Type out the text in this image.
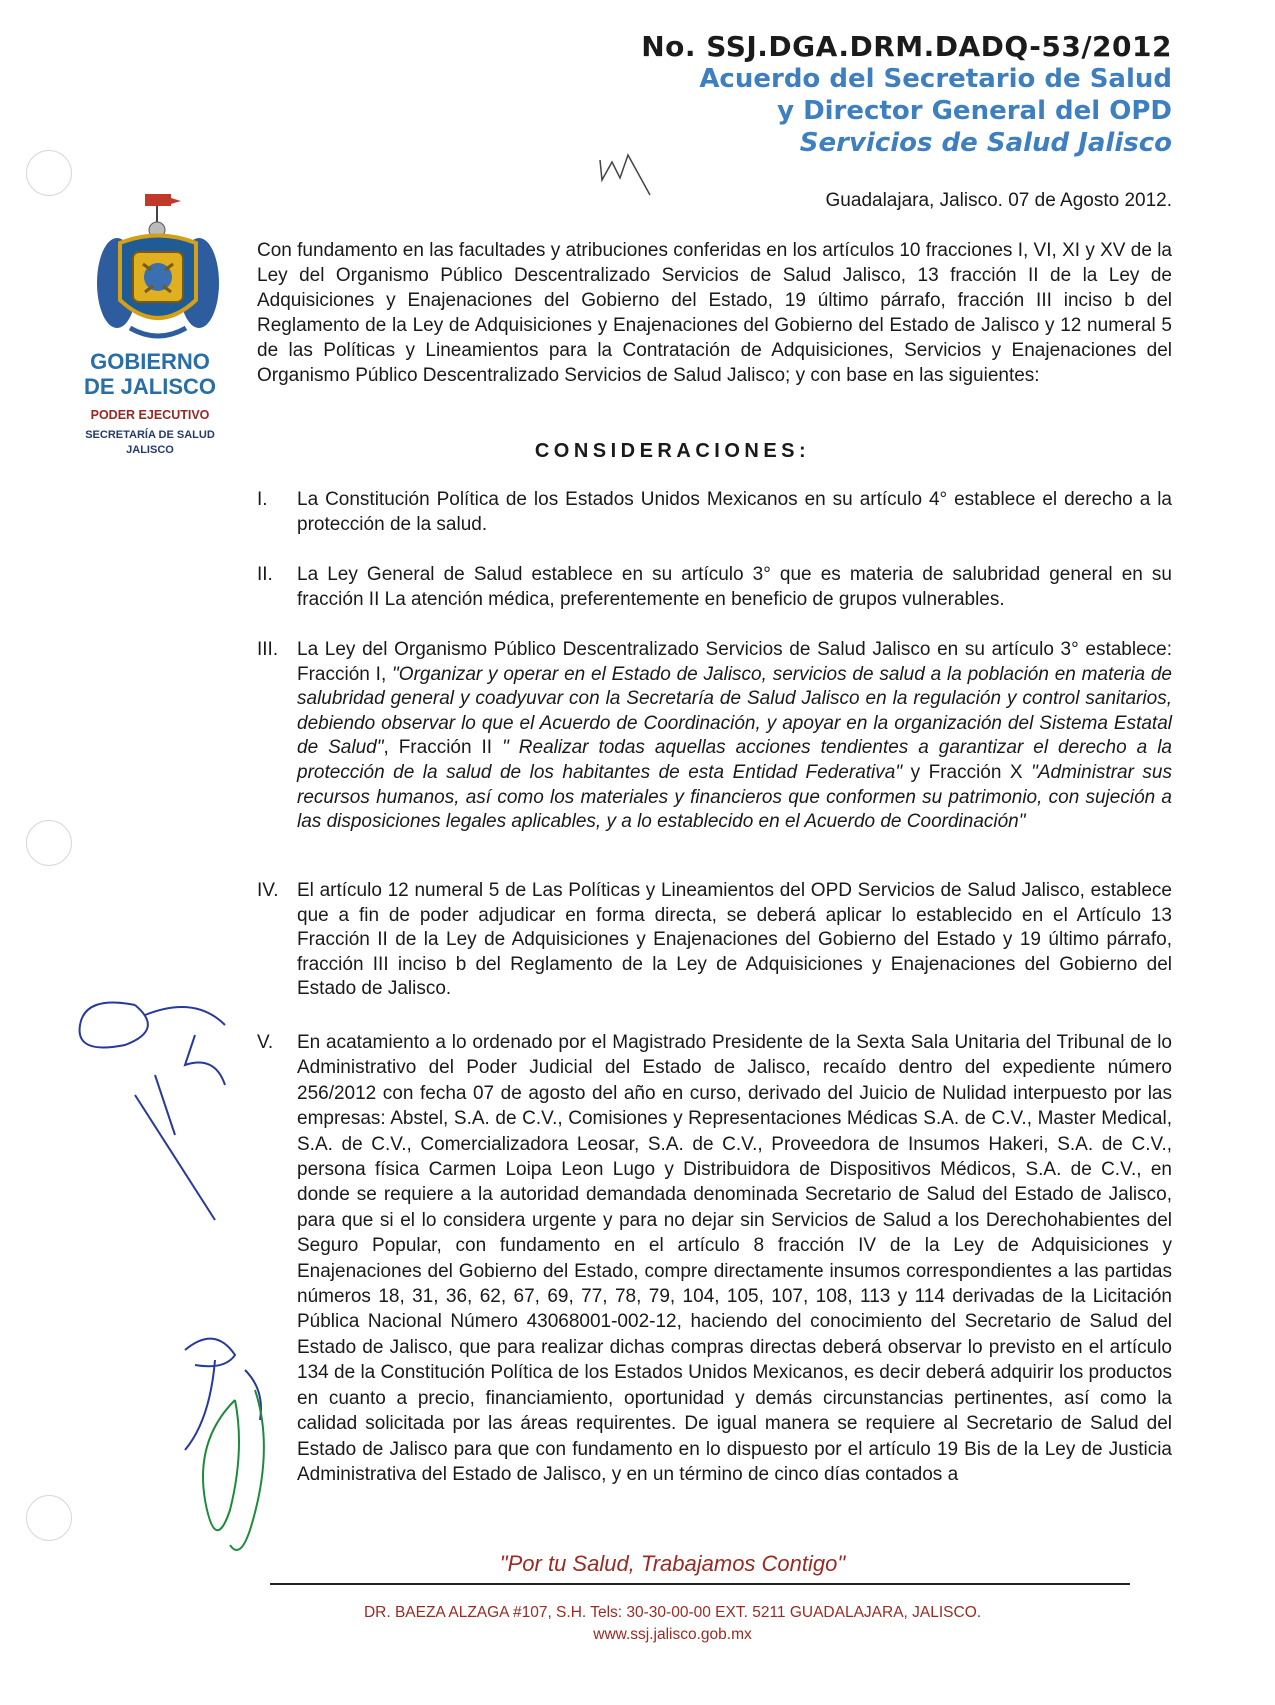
No. SSJ.DGA.DRM.DADQ-53/2012
Acuerdo del Secretario de Salud
y Director General del OPD
Servicios de Salud Jalisco
GOBIERNO
DE JALISCO
PODER EJECUTIVO
SECRETARÍA DE SALUD JALISCO
Guadalajara, Jalisco. 07 de Agosto 2012.
Con fundamento en las facultades y atribuciones conferidas en los artículos 10 fracciones I, VI, XI y XV de la Ley del Organismo Público Descentralizado Servicios de Salud Jalisco, 13 fracción II de la Ley de Adquisiciones y Enajenaciones del Gobierno del Estado, 19 último párrafo, fracción III inciso b del Reglamento de la Ley de Adquisiciones y Enajenaciones del Gobierno del Estado de Jalisco y 12 numeral 5 de las Políticas y Lineamientos para la Contratación de Adquisiciones, Servicios y Enajenaciones del Organismo Público Descentralizado Servicios de Salud Jalisco; y con base en las siguientes:
CONSIDERACIONES:
I. La Constitución Política de los Estados Unidos Mexicanos en su artículo 4° establece el derecho a la protección de la salud.
II. La Ley General de Salud establece en su artículo 3° que es materia de salubridad general en su fracción II La atención médica, preferentemente en beneficio de grupos vulnerables.
III. La Ley del Organismo Público Descentralizado Servicios de Salud Jalisco en su artículo 3° establece: Fracción I, "Organizar y operar en el Estado de Jalisco, servicios de salud a la población en materia de salubridad general y coadyuvar con la Secretaría de Salud Jalisco en la regulación y control sanitarios, debiendo observar lo que el Acuerdo de Coordinación, y apoyar en la organización del Sistema Estatal de Salud", Fracción II " Realizar todas aquellas acciones tendientes a garantizar el derecho a la protección de la salud de los habitantes de esta Entidad Federativa" y Fracción X "Administrar sus recursos humanos, así como los materiales y financieros que conformen su patrimonio, con sujeción a las disposiciones legales aplicables, y a lo establecido en el Acuerdo de Coordinación"
IV. El artículo 12 numeral 5 de Las Políticas y Lineamientos del OPD Servicios de Salud Jalisco, establece que a fin de poder adjudicar en forma directa, se deberá aplicar lo establecido en el Artículo 13 Fracción II de la Ley de Adquisiciones y Enajenaciones del Gobierno del Estado y 19 último párrafo, fracción III inciso b del Reglamento de la Ley de Adquisiciones y Enajenaciones del Gobierno del Estado de Jalisco.
V. En acatamiento a lo ordenado por el Magistrado Presidente de la Sexta Sala Unitaria del Tribunal de lo Administrativo del Poder Judicial del Estado de Jalisco, recaído dentro del expediente número 256/2012 con fecha 07 de agosto del año en curso, derivado del Juicio de Nulidad interpuesto por las empresas: Abstel, S.A. de C.V., Comisiones y Representaciones Médicas S.A. de C.V., Master Medical, S.A. de C.V., Comercializadora Leosar, S.A. de C.V., Proveedora de Insumos Hakeri, S.A. de C.V., persona física Carmen Loipa Leon Lugo y Distribuidora de Dispositivos Médicos, S.A. de C.V., en donde se requiere a la autoridad demandada denominada Secretario de Salud del Estado de Jalisco, para que si el lo considera urgente y para no dejar sin Servicios de Salud a los Derechohabientes del Seguro Popular, con fundamento en el artículo 8 fracción IV de la Ley de Adquisiciones y Enajenaciones del Gobierno del Estado, compre directamente insumos correspondientes a las partidas números 18, 31, 36, 62, 67, 69, 77, 78, 79, 104, 105, 107, 108, 113 y 114 derivadas de la Licitación Pública Nacional Número 43068001-002-12, haciendo del conocimiento del Secretario de Salud del Estado de Jalisco, que para realizar dichas compras directas deberá observar lo previsto en el artículo 134 de la Constitución Política de los Estados Unidos Mexicanos, es decir deberá adquirir los productos en cuanto a precio, financiamiento, oportunidad y demás circunstancias pertinentes, así como la calidad solicitada por las áreas requirentes. De igual manera se requiere al Secretario de Salud del Estado de Jalisco para que con fundamento en lo dispuesto por el artículo 19 Bis de la Ley de Justicia Administrativa del Estado de Jalisco, y en un término de cinco días contados a
"Por tu Salud, Trabajamos Contigo"
DR. BAEZA ALZAGA #107, S.H. Tels: 30-30-00-00 EXT. 5211 GUADALAJARA, JALISCO.
www.ssj.jalisco.gob.mx
